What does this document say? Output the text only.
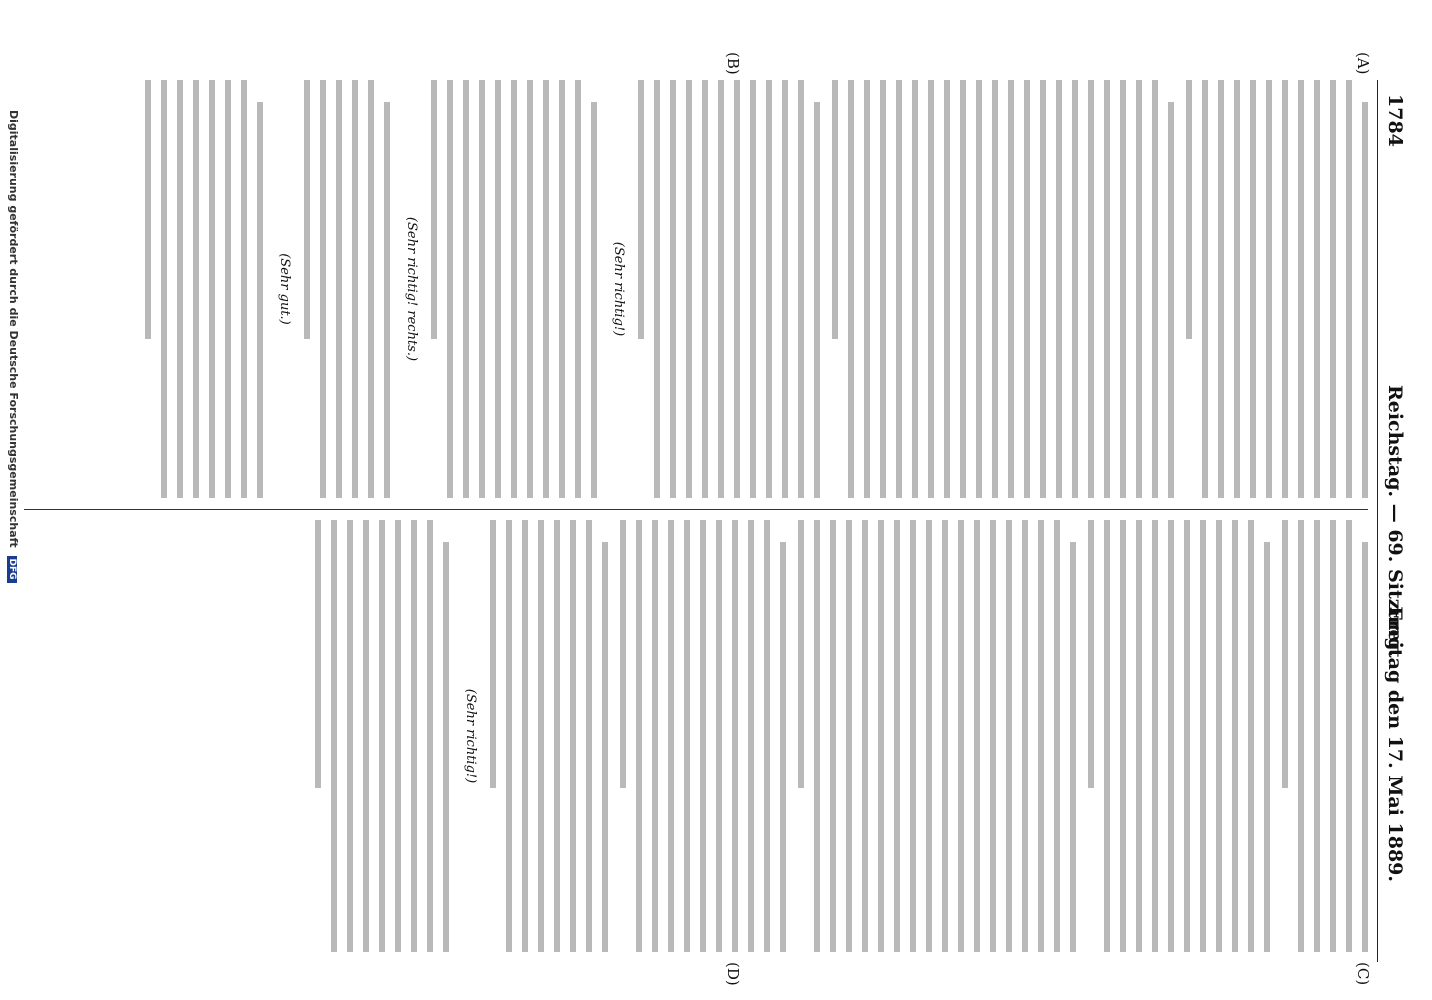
1784
Reichstag. — 69. Sitzung.
Freitag den 17. Mai 1889.
(A)
(B)
(C)
(D)
(Sehr richtig!)
(Sehr richtig! rechts.)
(Sehr gut.)
(Sehr richtig!)
Digitalisierung gefördert durch die Deutsche Forschungsgemeinschaft DFG
